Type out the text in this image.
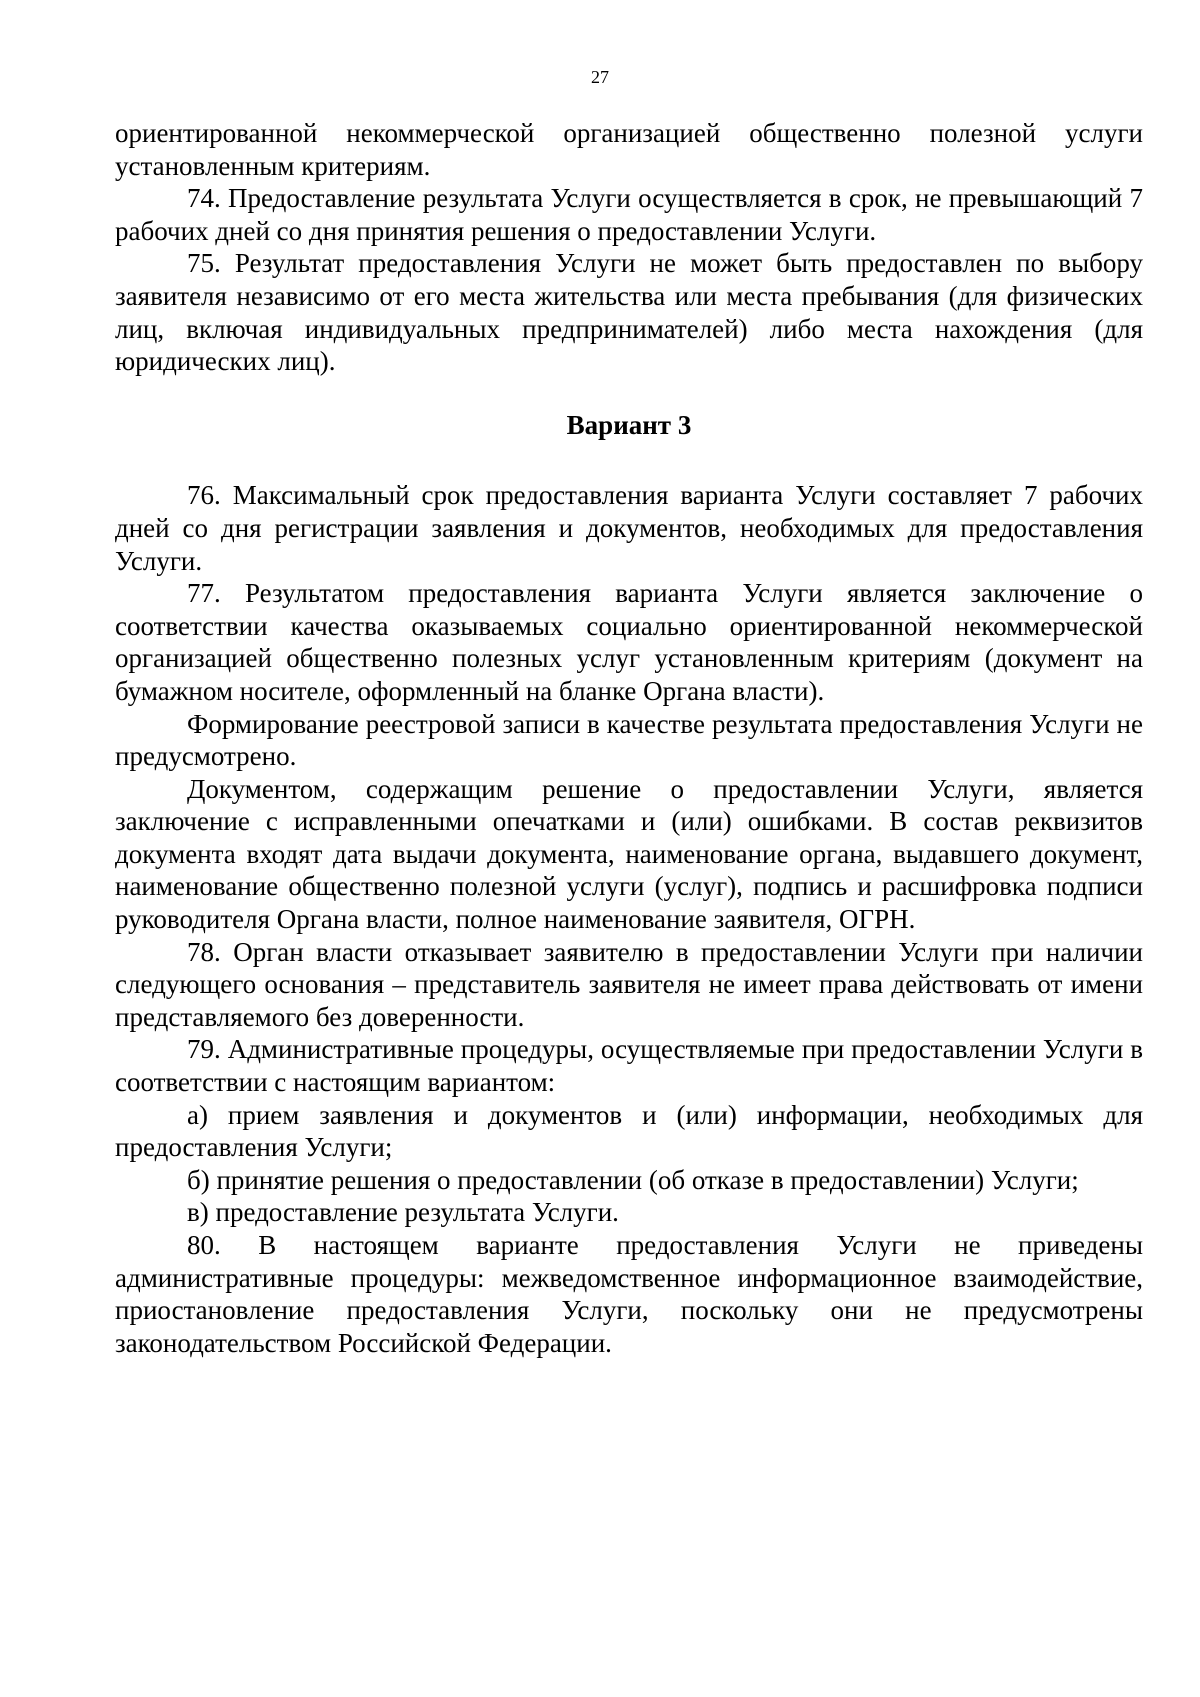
27

ориентированной некоммерческой организацией общественно полезной услуги установленным критериям.

74. Предоставление результата Услуги осуществляется в срок, не превышающий 7 рабочих дней со дня принятия решения о предоставлении Услуги.

75. Результат предоставления Услуги не может быть предоставлен по выбору заявителя независимо от его места жительства или места пребывания (для физических лиц, включая индивидуальных предпринимателей) либо места нахождения (для юридических лиц).

Вариант 3

76. Максимальный срок предоставления варианта Услуги составляет 7 рабочих дней со дня регистрации заявления и документов, необходимых для предоставления Услуги.

77. Результатом предоставления варианта Услуги является заключение о соответствии качества оказываемых социально ориентированной некоммерческой организацией общественно полезных услуг установленным критериям (документ на бумажном носителе, оформленный на бланке Органа власти).

Формирование реестровой записи в качестве результата предоставления Услуги не предусмотрено.

Документом, содержащим решение о предоставлении Услуги, является заключение с исправленными опечатками и (или) ошибками. В состав реквизитов документа входят дата выдачи документа, наименование органа, выдавшего документ, наименование общественно полезной услуги (услуг), подпись и расшифровка подписи руководителя Органа власти, полное наименование заявителя, ОГРН.

78. Орган власти отказывает заявителю в предоставлении Услуги при наличии следующего основания – представитель заявителя не имеет права действовать от имени представляемого без доверенности.

79. Административные процедуры, осуществляемые при предоставлении Услуги в соответствии с настоящим вариантом:

а) прием заявления и документов и (или) информации, необходимых для предоставления Услуги;

б) принятие решения о предоставлении (об отказе в предоставлении) Услуги;

в) предоставление результата Услуги.

80. В настоящем варианте предоставления Услуги не приведены административные процедуры: межведомственное информационное взаимодействие, приостановление предоставления Услуги, поскольку они не предусмотрены законодательством Российской Федерации.
